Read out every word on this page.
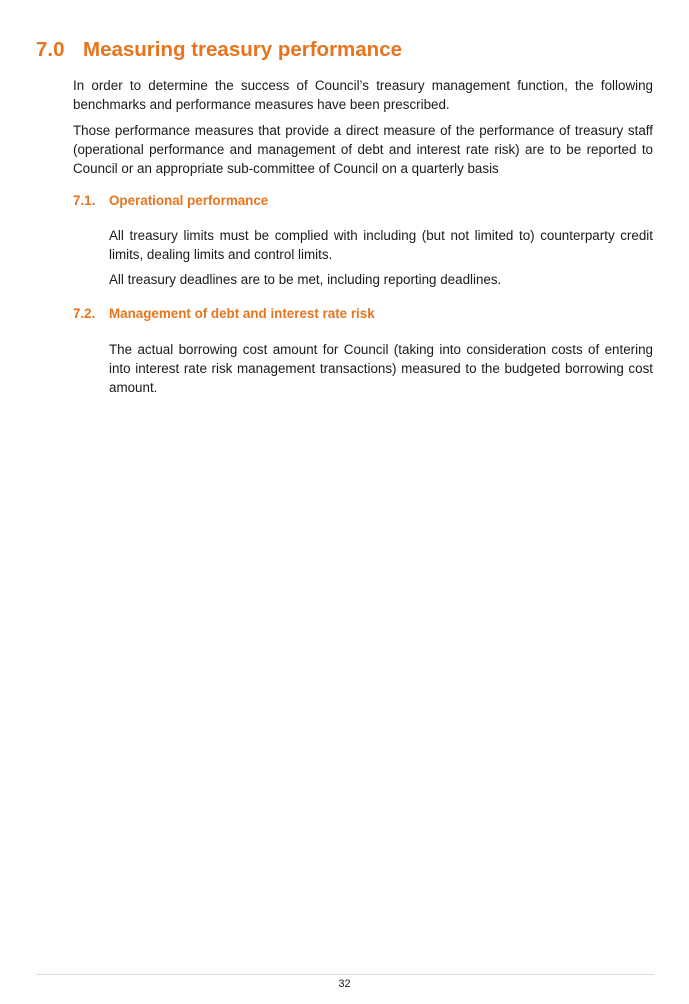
7.0 Measuring treasury performance

In order to determine the success of Council’s treasury management function, the following benchmarks and performance measures have been prescribed.

Those performance measures that provide a direct measure of the performance of treasury staff (operational performance and management of debt and interest rate risk) are to be reported to Council or an appropriate sub-committee of Council on a quarterly basis

7.1. Operational performance

All treasury limits must be complied with including (but not limited to) counterparty credit limits, dealing limits and control limits.

All treasury deadlines are to be met, including reporting deadlines.

7.2. Management of debt and interest rate risk

The actual borrowing cost amount for Council (taking into consideration costs of entering into interest rate risk management transactions) measured to the budgeted borrowing cost amount.

32
